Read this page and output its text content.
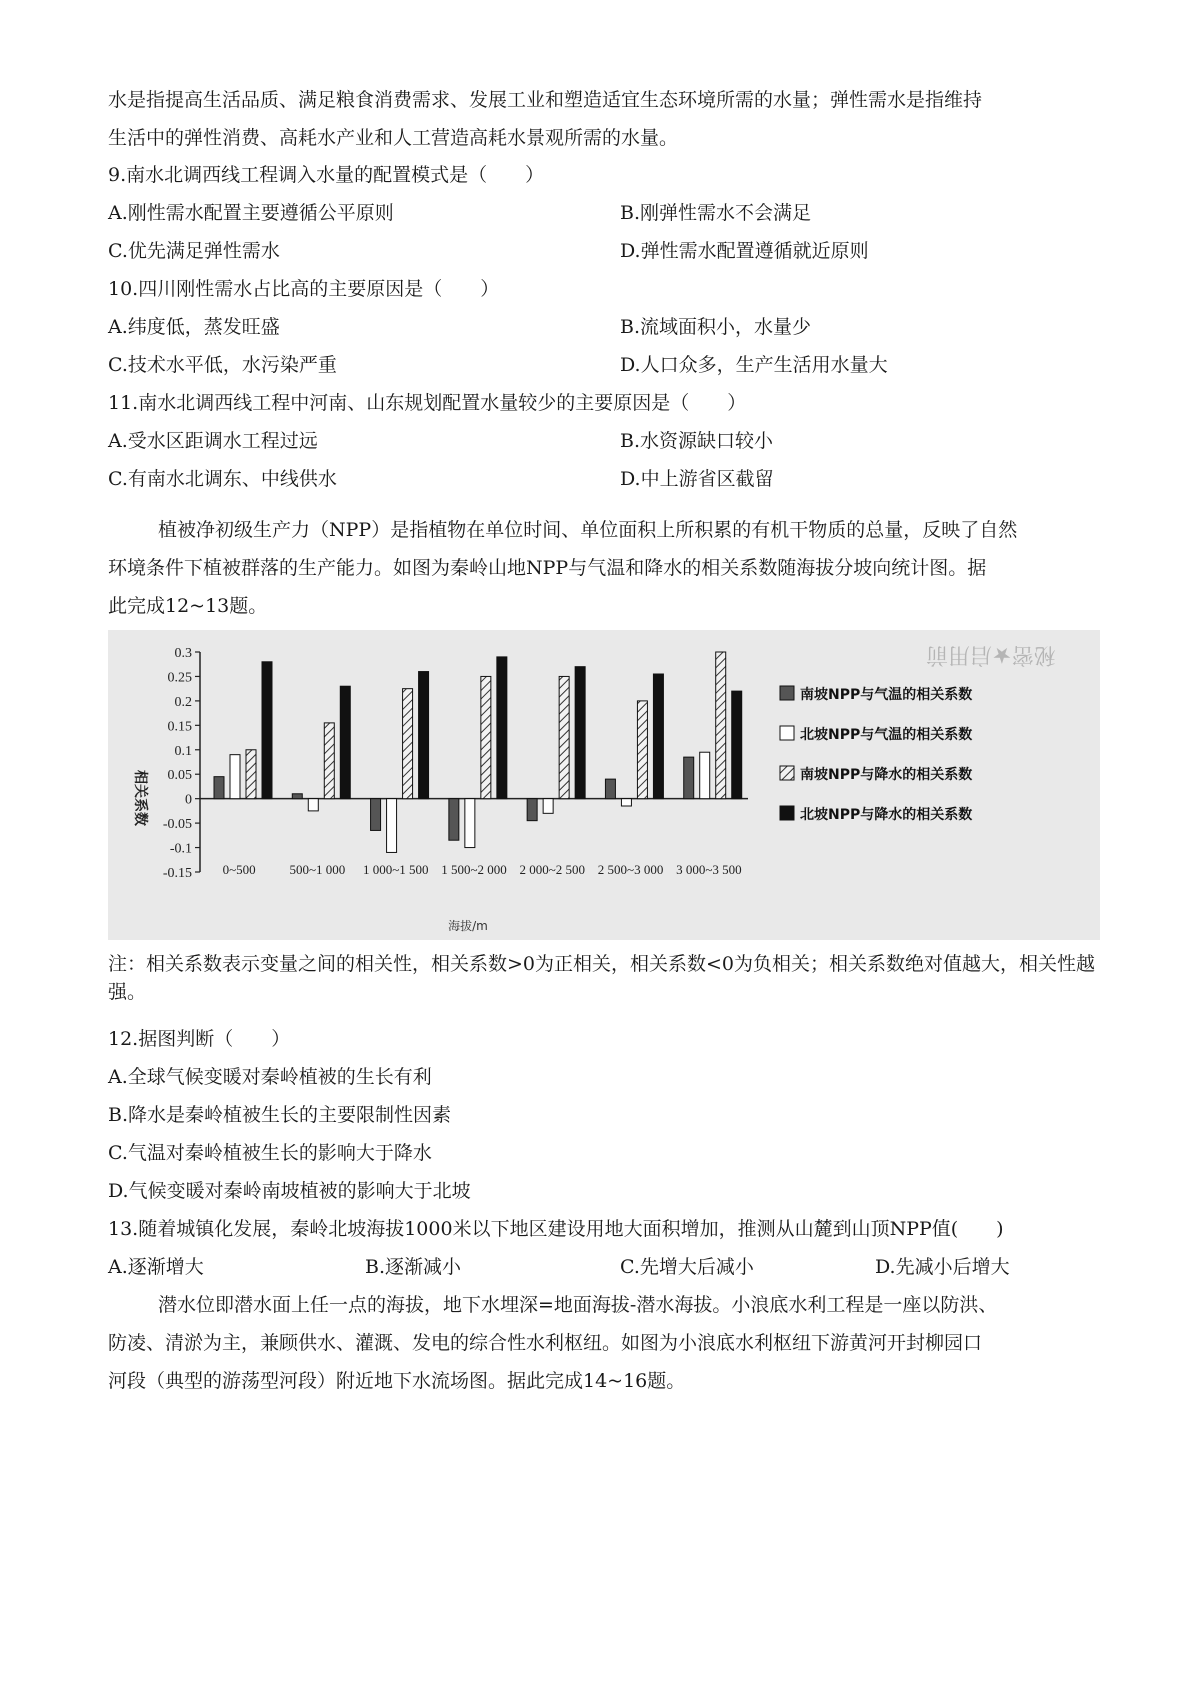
水是指提高生活品质、满足粮食消费需求、发展工业和塑造适宜生态环境所需的水量；弹性需水是指维持
生活中的弹性消费、高耗水产业和人工营造高耗水景观所需的水量。
9.南水北调西线工程调入水量的配置模式是（　　）
A.刚性需水配置主要遵循公平原则	B.刚弹性需水不会满足
C.优先满足弹性需水	D.弹性需水配置遵循就近原则
10.四川刚性需水占比高的主要原因是（　　）
A.纬度低，蒸发旺盛	B.流域面积小，水量少
C.技术水平低，水污染严重	D.人口众多，生产生活用水量大
11.南水北调西线工程中河南、山东规划配置水量较少的主要原因是（　　）
A.受水区距调水工程过远	B.水资源缺口较小
C.有南水北调东、中线供水	D.中上游省区截留
植被净初级生产力（NPP）是指植物在单位时间、单位面积上所积累的有机干物质的总量，反映了自然
环境条件下植被群落的生产能力。如图为秦岭山地NPP与气温和降水的相关系数随海拔分坡向统计图。据
此完成12~13题。
秘密★启用前
0.3
0.25
0.2
0.15
0.1
0.05
0
-0.05
-0.1
-0.15
相关系数
0~500	500~1 000 1 000~1 500 1 500~2 000 2 000~2 500 2 500~3 000 3 000~3 500
海拔/m
南坡NPP与气温的相关系数
北坡NPP与气温的相关系数
南坡NPP与降水的相关系数
北坡NPP与降水的相关系数
注：相关系数表示变量之间的相关性，相关系数>0为正相关，相关系数<0为负相关；相关系数绝对值越大，相关性越强。
12.据图判断（　　）
A.全球气候变暖对秦岭植被的生长有利
B.降水是秦岭植被生长的主要限制性因素
C.气温对秦岭植被生长的影响大于降水
D.气候变暖对秦岭南坡植被的影响大于北坡
13.随着城镇化发展，秦岭北坡海拔1000米以下地区建设用地大面积增加，推测从山麓到山顶NPP值(　　)
A.逐渐增大	B.逐渐减小	C.先增大后减小	D.先减小后增大
潜水位即潜水面上任一点的海拔，地下水埋深=地面海拔-潜水海拔。小浪底水利工程是一座以防洪、
防凌、清淤为主，兼顾供水、灌溉、发电的综合性水利枢纽。如图为小浪底水利枢纽下游黄河开封柳园口
河段（典型的游荡型河段）附近地下水流场图。据此完成14~16题。
